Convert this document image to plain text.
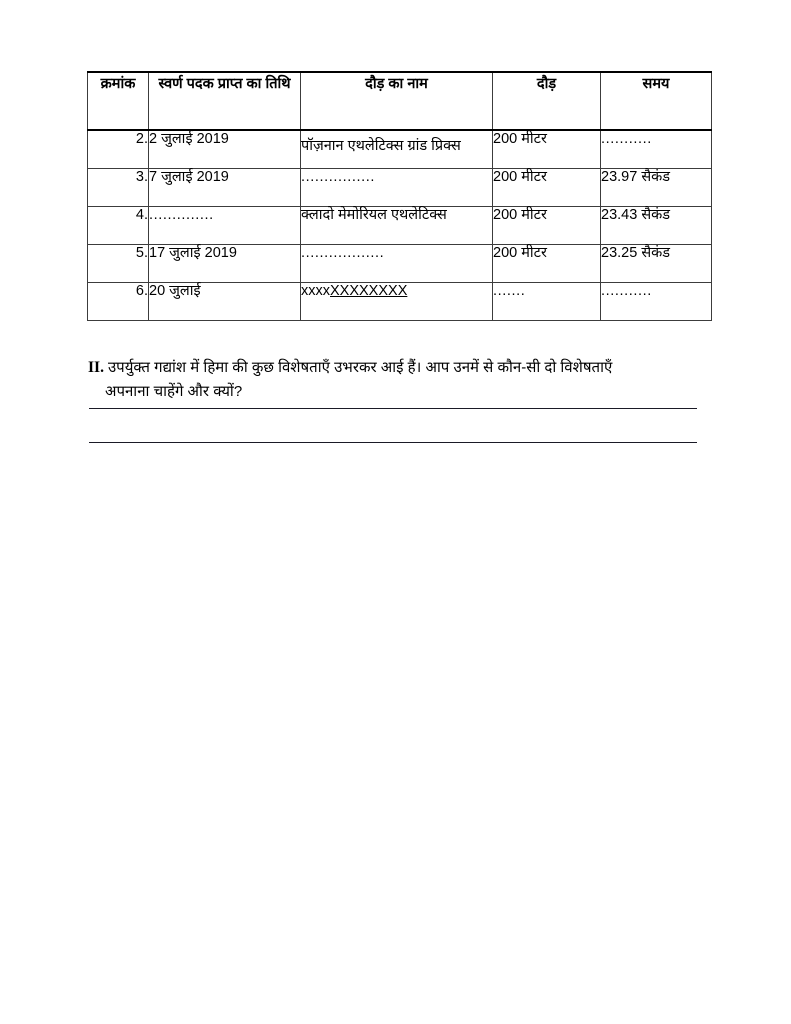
क्रमांक	स्वर्ण पदक प्राप्त का तिथि	दौड़ का नाम	दौड़	समय
2.	2 जुलाई 2019	पॉज़नान एथलेटिक्स ग्रांड प्रिक्स	200 मीटर	...........
3.	7 जुलाई 2019	................	200 मीटर	23.97 सैकंड
4.	..............	क्लादो मेमोरियल एथलेटिक्स	200 मीटर	23.43 सैकंड
5.	17 जुलाई 2019	..................	200 मीटर	23.25 सैकंड
6.	20 जुलाई	xxxxXXXXXXXX	.......	...........
II. उपर्युक्त गद्यांश में हिमा की कुछ विशेषताएँ उभरकर आई हैं। आप उनमें से कौन-सी दो विशेषताएँ
अपनाना चाहेंगे और क्यों?
